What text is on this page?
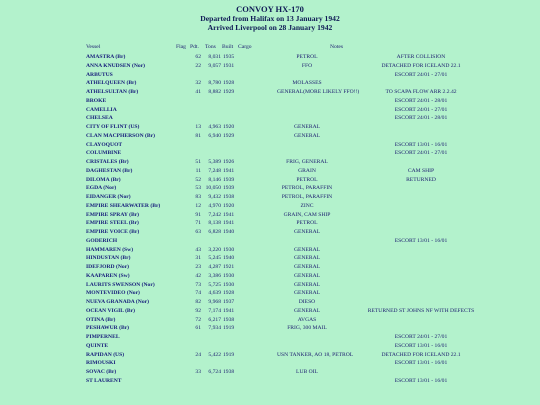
CONVOY HX-170
Departed from Halifax on 13 January 1942
Arrived Liverpool on 28 January 1942
Vessel	Flag Pdt. Tons Built Cargo	Notes
AMASTRA (Br)	62	8,031 1935	PETROL	AFTER COLLISION
ANNA KNUDSEN (Nor)	22	9,057 1931	FFO	DETACHED FOR ICELAND 22.1
ARBUTUS	ESCORT 24/01 - 27/01
ATHELQUEEN (Br)	32	8,780 1928	MOLASSES
ATHELSULTAN (Br)	41	8,882 1929	GENERAL(MORE LIKELY FFO!!)	TO SCAPA FLOW ARR 2.2.42
BROKE	ESCORT 24/01 - 28/01
CAMELLIA	ESCORT 24/01 - 27/01
CHELSEA	ESCORT 24/01 - 28/01
CITY OF FLINT (US)	13	4,963 1920	GENERAL
CLAN MACPHERSON (Br)	81	6,940 1929	GENERAL
CLAYOQUOT	ESCORT 13/01 - 16/01
COLUMBINE	ESCORT 24/01 - 27/01
CRISTALES (Br)	51	5,389 1926	FRIG, GENERAL
DAGHESTAN (Br)	11	7,248 1941	GRAIN	CAM SHIP
DILOMA (Br)	52	8,146 1939	PETROL	RETURNED
EGDA (Nor)	53 10,050 1939	PETROL, PARAFFIN
EIDANGER (Nor)	83	9,432 1938	PETROL, PARAFFIN
EMPIRE SHEARWATER (Br)	12	4,970 1920	ZINC
EMPIRE SPRAY (Br)	91	7,242 1941	GRAIN, CAM SHIP
EMPIRE STEEL (Br)	71	8,138 1941	PETROL
EMPIRE VOICE (Br)	63	6,828 1940	GENERAL
GODERICH	ESCORT 13/01 - 16/01
HAMMAREN (Sw)	43	3,220 1930	GENERAL
HINDUSTAN (Br)	31	5,245 1940	GENERAL
IDEFJORD (Nor)	23	4,287 1921	GENERAL
KAAPAREN (Sw)	42	3,386 1930	GENERAL
LAURITS SWENSON (Nor)	73	5,725 1930	GENERAL
MONTEVIDEO (Nor)	74	4,639 1928	GENERAL
NUEVA GRANADA (Nor)	82	9,968 1937	DIESO
OCEAN VIGIL (Br)	92	7,174 1941	GENERAL	RETURNED ST JOHNS NF WITH DEFECTS
OTINA (Br)	72	6,217 1938	AVGAS
PESHAWUR (Br)	61	7,934 1919	FRIG, 300 MAIL
PIMPERNEL	ESCORT 24/01 - 27/01
QUINTE	ESCORT 13/01 - 16/01
RAPIDAN (US)	24	5,422 1919	USN TANKER, AO 18, PETROL	DETACHED FOR ICELAND 22.1
RIMOUSKI	ESCORT 13/01 - 16/01
SOVAC (Br)	33	6,724 1938	LUB OIL
ST LAURENT	ESCORT 13/01 - 16/01
